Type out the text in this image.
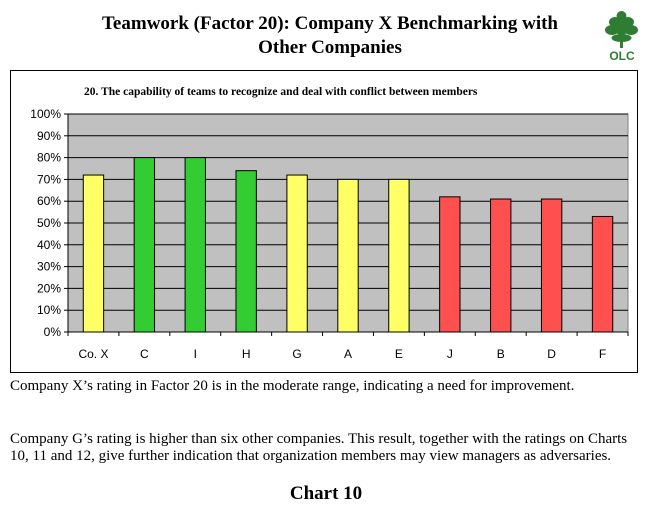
Teamwork (Factor 20): Company X Benchmarking with
Other Companies	OLC
20. The capability of teams to recognize and deal with conflict between members
0%
10%
20%
30%
40%
50%
60%
70%
80%
90%
100%
Co. X	C	I	H	G	A	E	J	B	D	F

Company X’s rating in Factor 20 is in the moderate range, indicating a need for improvement.

Company G’s rating is higher than six other companies. This result, together with the ratings on Charts 10, 11 and 12, give further indication that organization members may view managers as adversaries.

Chart 10
